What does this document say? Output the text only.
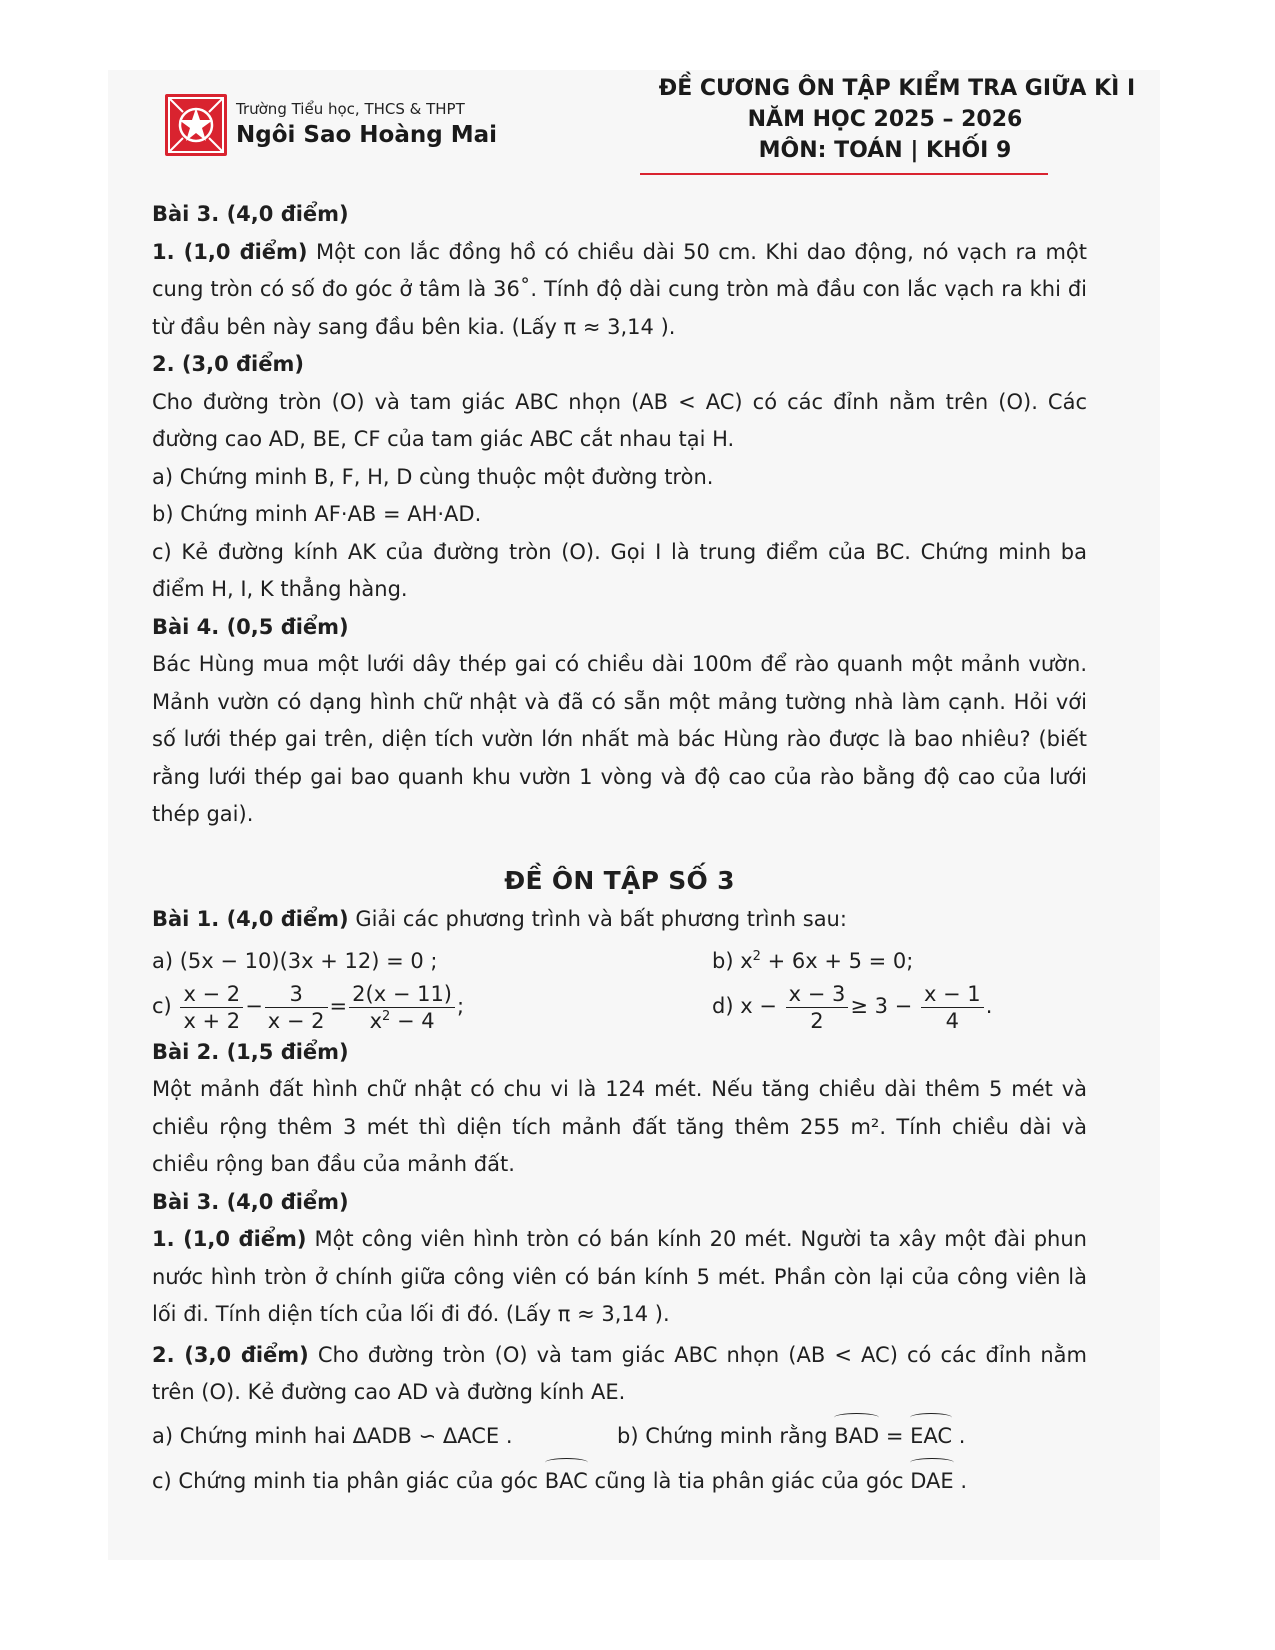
Trường Tiểu học, THCS & THPT
Ngôi Sao Hoàng Mai
ĐỀ CƯƠNG ÔN TẬP KIỂM TRA GIỮA KÌ I
NĂM HỌC 2025 – 2026
MÔN: TOÁN | KHỐI 9

Bài 3. (4,0 điểm)

1. (1,0 điểm) Một con lắc đồng hồ có chiều dài 50 cm. Khi dao động, nó vạch ra một cung tròn có số đo góc ở tâm là 36˚. Tính độ dài cung tròn mà đầu con lắc vạch ra khi đi từ đầu bên này sang đầu bên kia. (Lấy π ≈ 3,14 ).

2. (3,0 điểm)

Cho đường tròn (O) và tam giác ABC nhọn (AB < AC) có các đỉnh nằm trên (O). Các đường cao AD, BE, CF của tam giác ABC cắt nhau tại H.

a) Chứng minh B, F, H, D cùng thuộc một đường tròn.

b) Chứng minh AF·AB = AH·AD.

c) Kẻ đường kính AK của đường tròn (O). Gọi I là trung điểm của BC. Chứng minh ba điểm H, I, K thẳng hàng.

Bài 4. (0,5 điểm)

Bác Hùng mua một lưới dây thép gai có chiều dài 100m để rào quanh một mảnh vườn. Mảnh vườn có dạng hình chữ nhật và đã có sẵn một mảng tường nhà làm cạnh. Hỏi với số lưới thép gai trên, diện tích vườn lớn nhất mà bác Hùng rào được là bao nhiêu? (biết rằng lưới thép gai bao quanh khu vườn 1 vòng và độ cao của rào bằng độ cao của lưới thép gai).

ĐỀ ÔN TẬP SỐ 3

Bài 1. (4,0 điểm) Giải các phương trình và bất phương trình sau:

a) (5x − 10)(3x + 12) = 0 ;	b) $x^2 + 6x + 5 = 0$;
$c) \frac{x - 2}{x + 2} - \frac{3}{x - 2} = \frac{2(x - 11)}{x^2 - 4}$ ;	d) $x - \frac{x - 3}{2} \ge 3 - \frac{x - 1}{4}$ .

Bài 2. (1,5 điểm)

Một mảnh đất hình chữ nhật có chu vi là 124 mét. Nếu tăng chiều dài thêm 5 mét và chiều rộng thêm 3 mét thì diện tích mảnh đất tăng thêm 255 m². Tính chiều dài và chiều rộng ban đầu của mảnh đất.

Bài 3. (4,0 điểm)

1. (1,0 điểm) Một công viên hình tròn có bán kính 20 mét. Người ta xây một đài phun nước hình tròn ở chính giữa công viên có bán kính 5 mét. Phần còn lại của công viên là lối đi. Tính diện tích của lối đi đó. (Lấy π ≈ 3,14 ).

2. (3,0 điểm) Cho đường tròn (O) và tam giác ABC nhọn (AB < AC) có các đỉnh nằm trên (O). Kẻ đường cao AD và đường kính AE.

a) Chứng minh hai ΔADB ∽ ΔACE .	b) Chứng minh rằng BAD = EAC .

c) Chứng minh tia phân giác của góc BAC cũng là tia phân giác của góc DAE .
